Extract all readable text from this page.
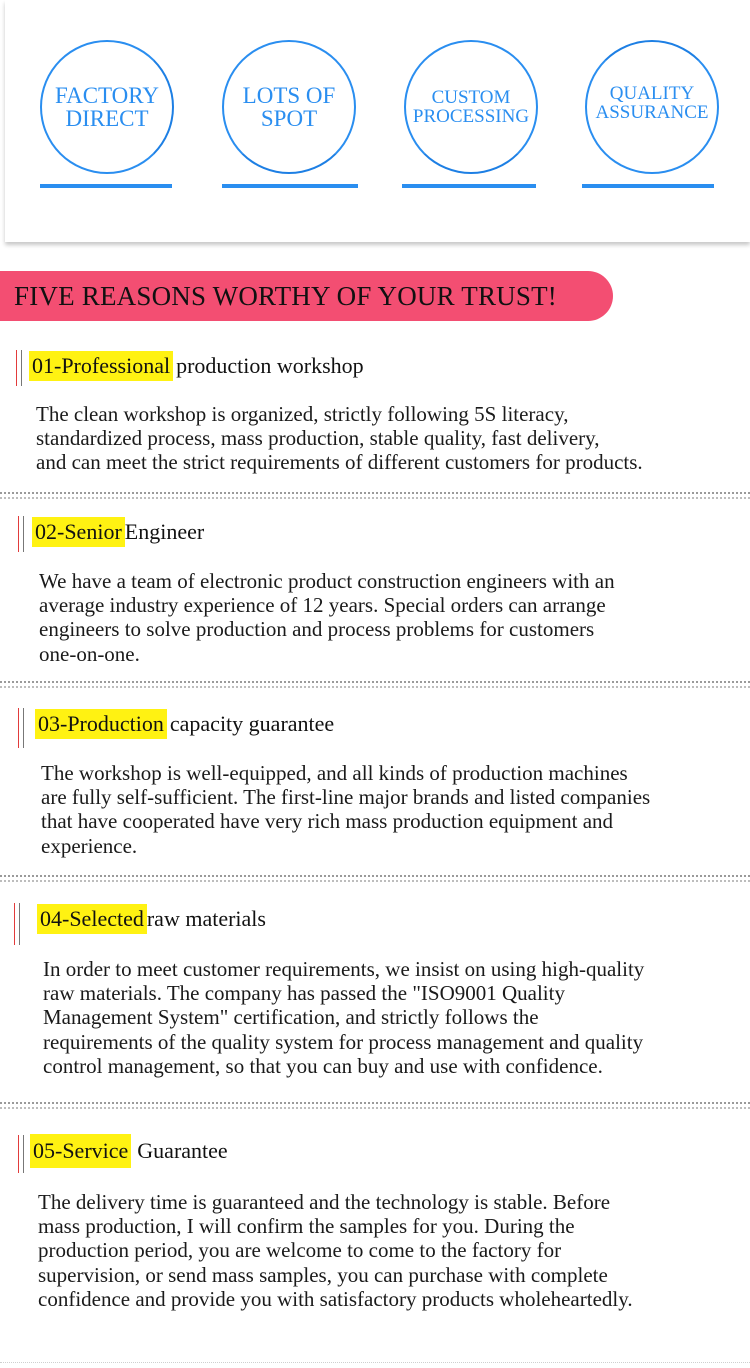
FACTORY
DIRECT
LOTS OF
SPOT
CUSTOM
PROCESSING
QUALITY
ASSURANCE
FIVE REASONS WORTHY OF YOUR TRUST!
01-Professional production workshop
The clean workshop is organized, strictly following 5S literacy,
standardized process, mass production, stable quality, fast delivery,
and can meet the strict requirements of different customers for products.
02-Senior Engineer
We have a team of electronic product construction engineers with an
average industry experience of 12 years. Special orders can arrange
engineers to solve production and process problems for customers
one-on-one.
03-Production capacity guarantee
The workshop is well-equipped, and all kinds of production machines
are fully self-sufficient. The first-line major brands and listed companies
that have cooperated have very rich mass production equipment and
experience.
04-Selected raw materials
In order to meet customer requirements, we insist on using high-quality
raw materials. The company has passed the "ISO9001 Quality
Management System" certification, and strictly follows the
requirements of the quality system for process management and quality
control management, so that you can buy and use with confidence.
05-Service Guarantee
The delivery time is guaranteed and the technology is stable. Before
mass production, I will confirm the samples for you. During the
production period, you are welcome to come to the factory for
supervision, or send mass samples, you can purchase with complete
confidence and provide you with satisfactory products wholeheartedly.
